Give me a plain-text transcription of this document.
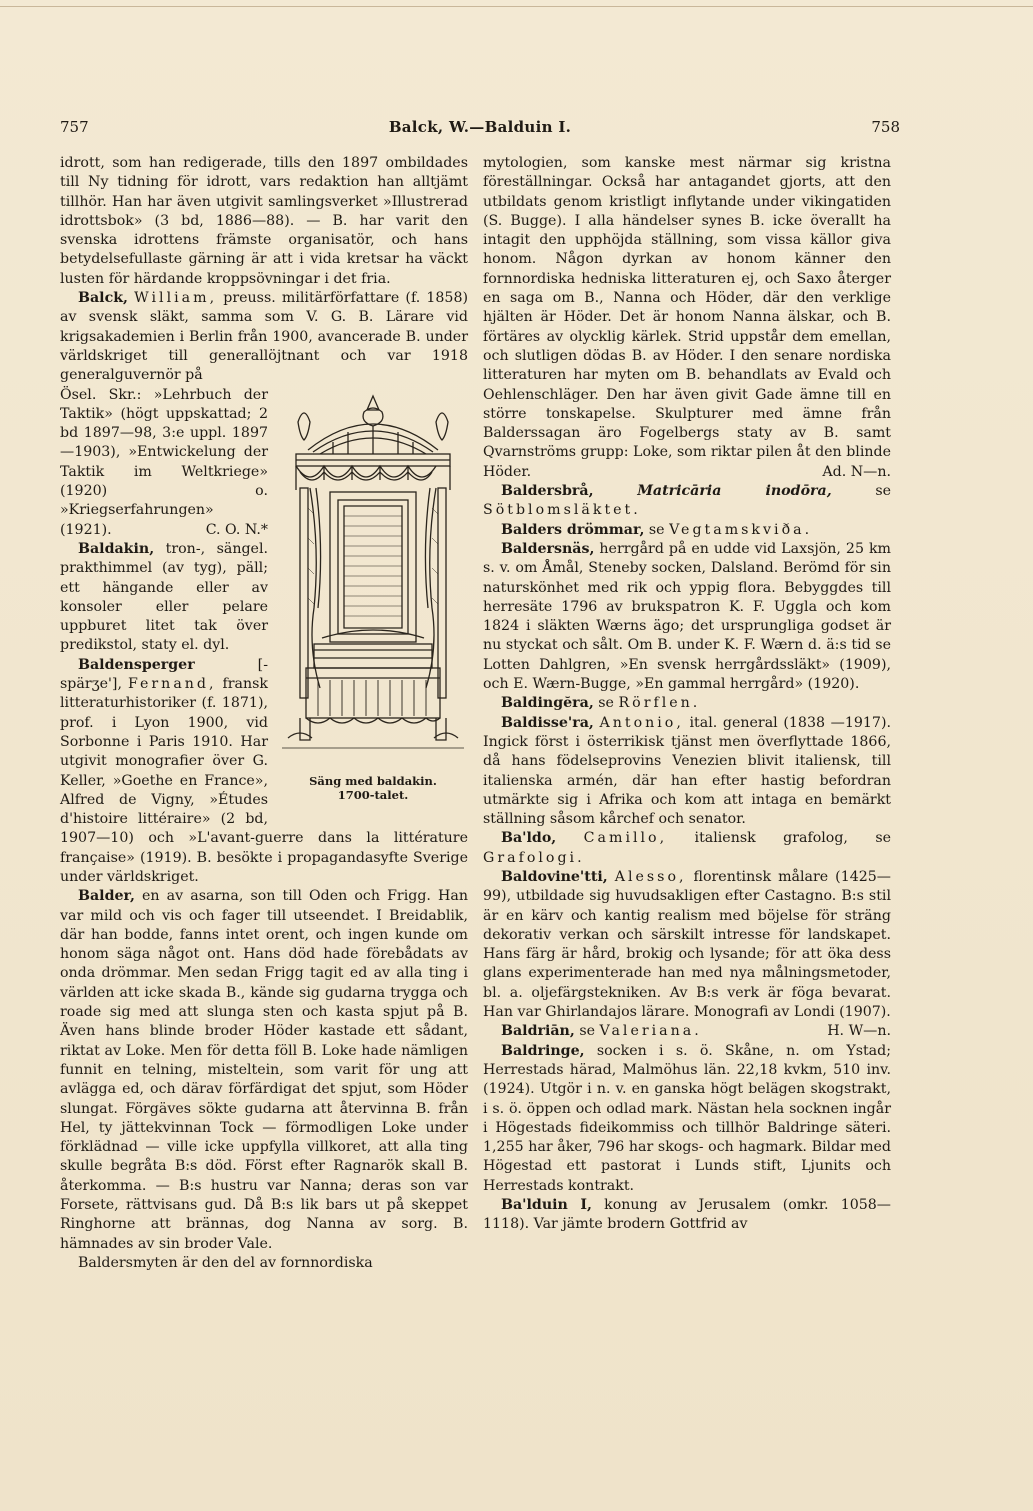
757	Balck, W.—Balduin I.	758

idrott, som han redigerade, tills den 1897 ombildades till Ny tidning för idrott, vars redaktion han alltjämt tillhör. Han har även utgivit samlingsverket »Illustrerad idrottsbok» (3 bd, 1886—88). — B. har varit den svenska idrottens främste organisatör, och hans betydelsefullaste gärning är att i vida kretsar ha väckt lusten för härdande kroppsövningar i det fria.

Balck, William, preuss. militärförfattare (f. 1858) av svensk släkt, samma som V. G. B. Lärare vid krigsakademien i Berlin från 1900, avancerade B. under världskriget till generallöjtnant och var 1918 generalguvernör på

Säng med baldakin.
1700-talet.

Ösel. Skr.: »Lehrbuch der Taktik» (högt uppskattad; 2 bd 1897—98, 3:e uppl. 1897—1903), »Entwickelung der Taktik im Weltkriege» (1920) o. »Kriegserfahrungen» (1921).	C. O. N.*

Baldakin, tron-, sängel. prakthimmel (av tyg), päll; ett hängande eller av konsoler eller pelare uppburet litet tak över predikstol, staty el. dyl.

Baldensperger	[-spärʒe'], Fernand, fransk litteraturhistoriker (f. 1871), prof. i Lyon 1900, vid Sorbonne i Paris 1910. Har utgivit monografier över G. Keller, »Goethe en France», Alfred de Vigny, »Études d'histoire littéraire» (2 bd, 1907—10) och »L'avant-guerre dans la littérature française» (1919). B. besökte i propagandasyfte Sverige under världskriget.

Balder, en av asarna, son till Oden och Frigg. Han var mild och vis och fager till utseendet. I Breidablik, där han bodde, fanns intet orent, och ingen kunde om honom säga något ont. Hans död hade förebådats av onda drömmar. Men sedan Frigg tagit ed av alla ting i världen att icke skada B., kände sig gudarna trygga och roade sig med att slunga sten och kasta spjut på B. Även hans blinde broder Höder kastade ett sådant, riktat av Loke. Men för detta föll B. Loke hade nämligen funnit en telning, misteltein, som varit för ung att avlägga ed, och därav förfärdigat det spjut, som Höder slungat. Förgäves sökte gudarna att återvinna B. från Hel, ty jättekvinnan Tock — förmodligen Loke under förklädnad — ville icke uppfylla villkoret, att alla ting skulle begråta B:s död. Först efter Ragnarök skall B. återkomma. — B:s hustru var Nanna; deras son var Forsete, rättvisans gud. Då B:s lik bars ut på skeppet Ringhorne att brännas, dog Nanna av sorg. B. hämnades av sin broder Vale.

Baldersmyten är den del av fornnordiska

mytologien, som kanske mest närmar sig kristna föreställningar. Också har antagandet gjorts, att den utbildats genom kristligt inflytande under vikingatiden (S. Bugge). I alla händelser synes B. icke överallt ha intagit den upphöjda ställning, som vissa källor giva honom. Någon dyrkan av honom känner den fornnordiska hedniska litteraturen ej, och Saxo återger en saga om B., Nanna och Höder, där den verklige hjälten är Höder. Det är honom Nanna älskar, och B. förtäres av olycklig kärlek. Strid uppstår dem emellan, och slutligen dödas B. av Höder. I den senare nordiska litteraturen har myten om B. behandlats av Evald och Oehlenschläger. Den har även givit Gade ämne till en större tonskapelse. Skulpturer med ämne från Balderssagan äro Fogelbergs staty av B. samt Qvarnströms grupp: Loke, som riktar pilen åt den blinde Höder.	Ad. N—n.

Baldersbrå,	Matricāria inodōra,	se Sötblomsläktet.

Balders drömmar, se Vegtamskviða.

Baldersnäs, herrgård på en udde vid Laxsjön, 25 km s. v. om Åmål, Steneby socken, Dalsland. Berömd för sin naturskönhet med rik och yppig flora. Bebyggdes till herresäte 1796 av brukspatron K. F. Uggla och kom 1824 i släkten Wærns ägo; det ursprungliga godset är nu styckat och sålt. Om B. under K. F. Wærn d. ä:s tid se Lotten Dahlgren, »En svensk herrgårdssläkt» (1909), och E. Wærn-Bugge, »En gammal herrgård» (1920).

Baldingĕra, se Rörflen.

Baldisse'ra, Antonio, ital. general (1838 —1917). Ingick först i österrikisk tjänst men överflyttade 1866, då hans födelseprovins Venezien blivit italiensk, till italienska armén, där han efter hastig befordran utmärkte sig i Afrika och kom att intaga en bemärkt ställning såsom kårchef och senator.

Ba'ldo, Camillo, italiensk grafolog, se Grafologi.

Baldovine'tti, Alesso, florentinsk målare (1425—99), utbildade sig huvudsakligen efter Castagno. B:s stil är en kärv och kantig realism med böjelse för sträng dekorativ verkan och särskilt intresse för landskapet. Hans färg är hård, brokig och lysande; för att öka dess glans experimenterade han med nya målningsmetoder, bl. a. oljefärgstekniken. Av B:s verk är föga bevarat. Han var Ghirlandajos lärare. Monografi av Londi (1907).
H. W—n.

Baldriān, se Valeriana.

Baldringe, socken i s. ö. Skåne, n. om Ystad; Herrestads härad, Malmöhus län. 22,18 kvkm, 510 inv. (1924). Utgör i n. v. en ganska högt belägen skogstrakt, i s. ö. öppen och odlad mark. Nästan hela socknen ingår i Högestads fideikommiss och tillhör Baldringe säteri. 1,255 har åker, 796 har skogs- och hagmark. Bildar med Högestad ett pastorat i Lunds stift, Ljunits och Herrestads kontrakt.

Ba'lduin I, konung av Jerusalem (omkr. 1058—1118). Var jämte brodern Gottfrid av
